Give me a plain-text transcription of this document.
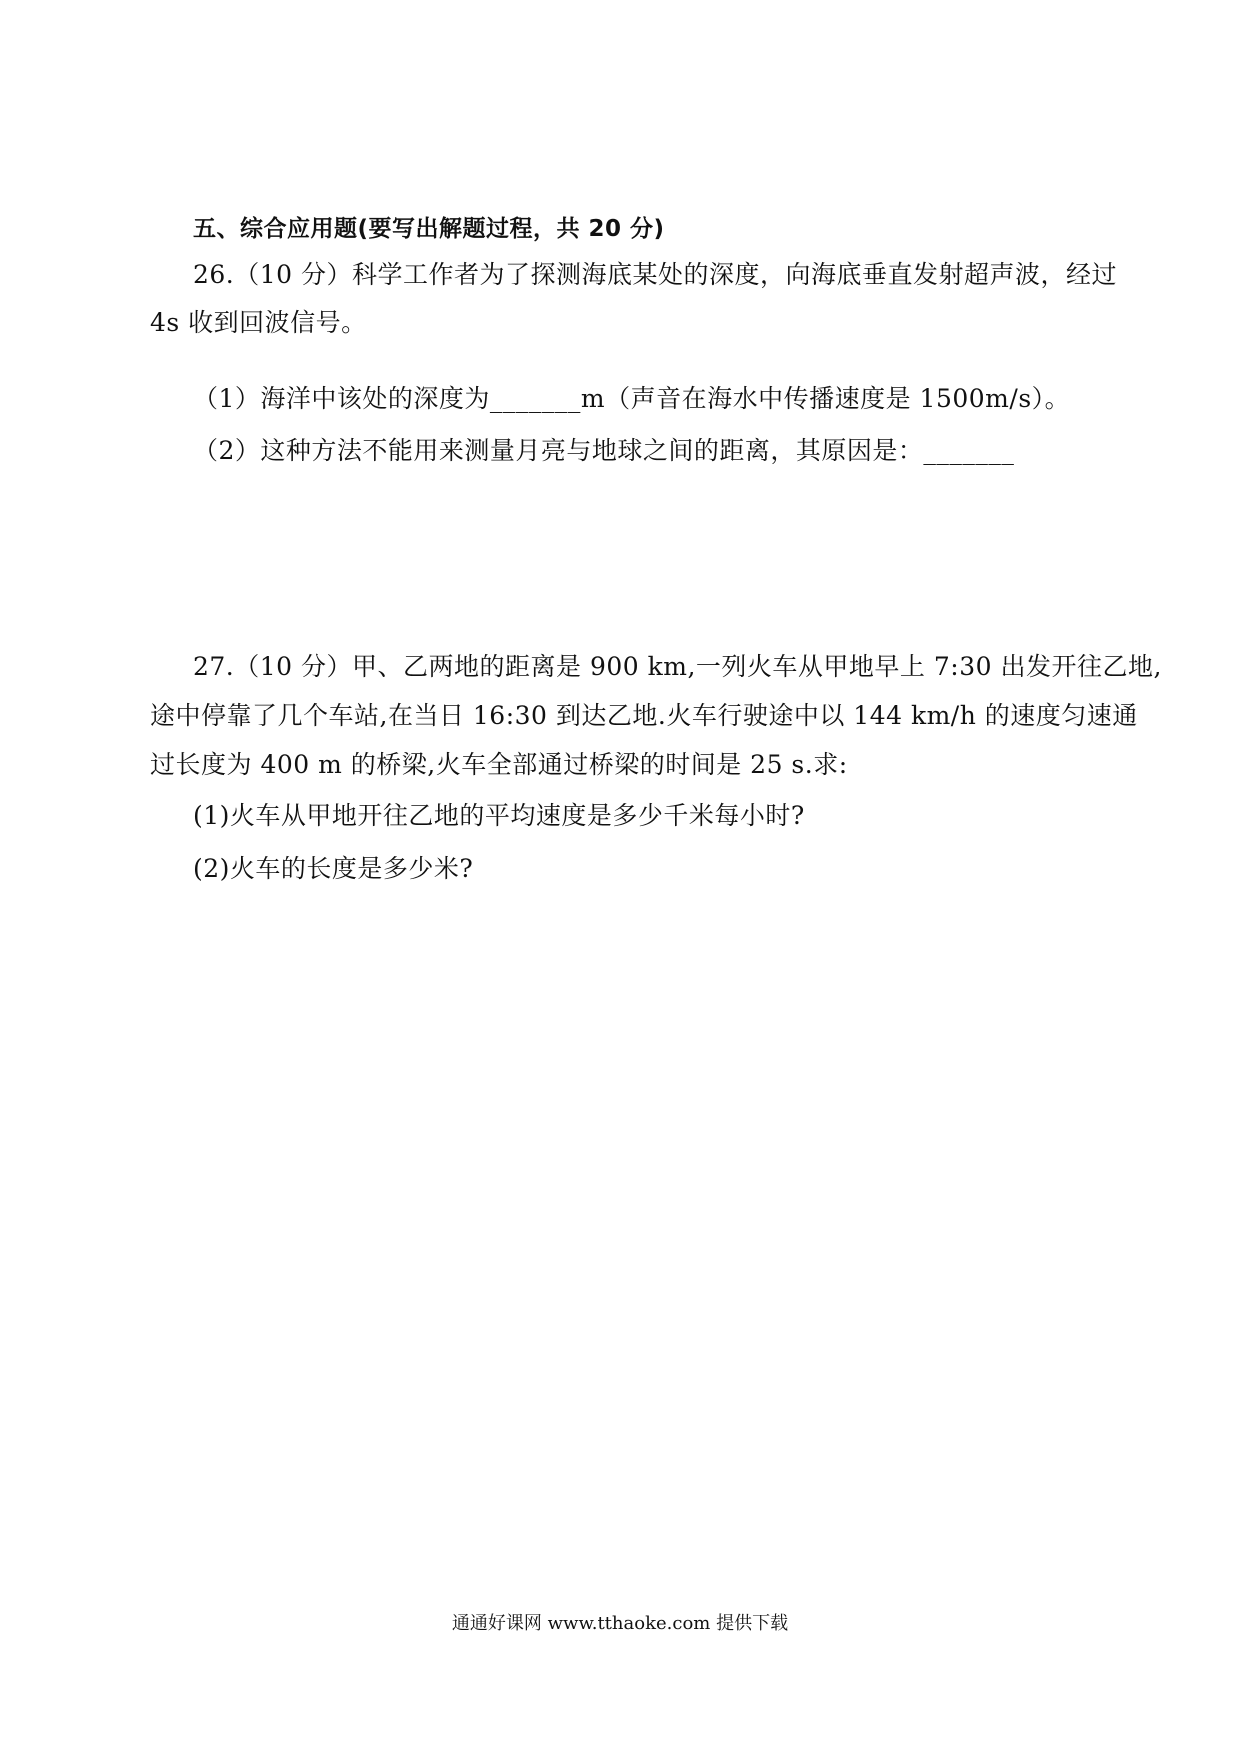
五、综合应用题(要写出解题过程，共 20 分)
26.（10 分）科学工作者为了探测海底某处的深度，向海底垂直发射超声波，经过
4s 收到回波信号。
（1）海洋中该处的深度为_______m（声音在海水中传播速度是 1500m/s）。
（2）这种方法不能用来测量月亮与地球之间的距离，其原因是：_______
27.（10 分）甲、乙两地的距离是 900 km,一列火车从甲地早上 7:30 出发开往乙地,
途中停靠了几个车站,在当日 16:30 到达乙地.火车行驶途中以 144 km/h 的速度匀速通
过长度为 400 m 的桥梁,火车全部通过桥梁的时间是 25 s.求:
(1)火车从甲地开往乙地的平均速度是多少千米每小时?
(2)火车的长度是多少米?
通通好课网 www.tthaoke.com 提供下载
